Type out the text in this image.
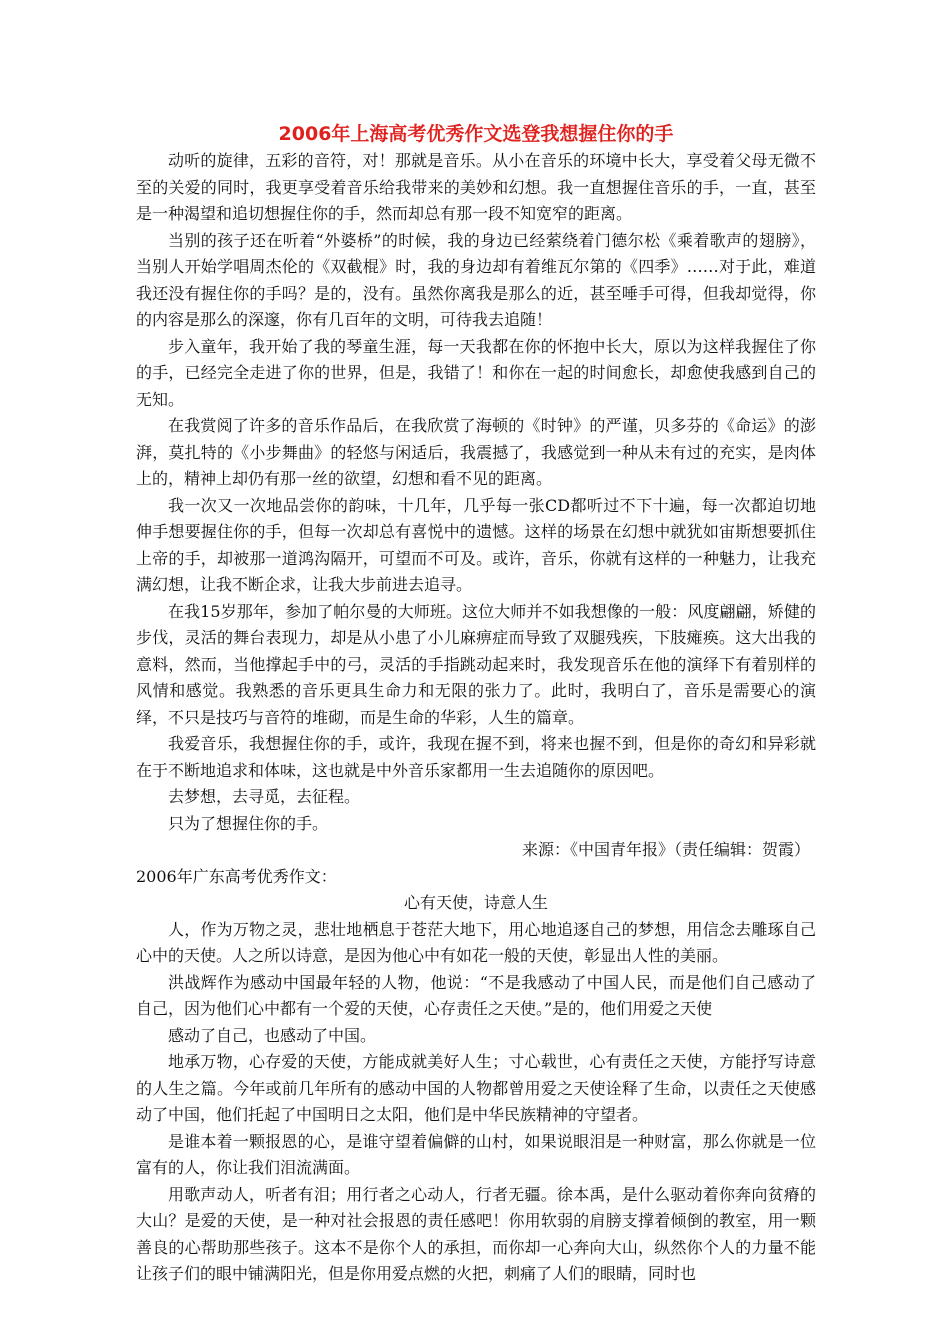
2006年上海高考优秀作文选登我想握住你的手

动听的旋律，五彩的音符，对！那就是音乐。从小在音乐的环境中长大，享受着父母无微不至的关爱的同时，我更享受着音乐给我带来的美妙和幻想。我一直想握住音乐的手，一直，甚至是一种渴望和追切想握住你的手，然而却总有那一段不知宽窄的距离。

当别的孩子还在听着“外婆桥”的时候，我的身边已经萦绕着门德尔松《乘着歌声的翅膀》，当别人开始学唱周杰伦的《双截棍》时，我的身边却有着维瓦尔第的《四季》……对于此，难道我还没有握住你的手吗？是的，没有。虽然你离我是那么的近，甚至唾手可得，但我却觉得，你的内容是那么的深邃，你有几百年的文明，可待我去追随！

步入童年，我开始了我的琴童生涯，每一天我都在你的怀抱中长大，原以为这样我握住了你的手，已经完全走进了你的世界，但是，我错了！和你在一起的时间愈长，却愈使我感到自己的无知。

在我赏阅了许多的音乐作品后，在我欣赏了海顿的《时钟》的严谨，贝多芬的《命运》的澎湃，莫扎特的《小步舞曲》的轻悠与闲适后，我震撼了，我感觉到一种从未有过的充实，是肉体上的，精神上却仍有那一丝的欲望，幻想和看不见的距离。

我一次又一次地品尝你的韵味，十几年，几乎每一张CD都听过不下十遍，每一次都迫切地伸手想要握住你的手，但每一次却总有喜悦中的遗憾。这样的场景在幻想中就犹如宙斯想要抓住上帝的手，却被那一道鸿沟隔开，可望而不可及。或许，音乐，你就有这样的一种魅力，让我充满幻想，让我不断企求，让我大步前进去追寻。

在我15岁那年，参加了帕尔曼的大师班。这位大师并不如我想像的一般：风度翩翩，矫健的步伐，灵活的舞台表现力，却是从小患了小儿麻痹症而导致了双腿残疾，下肢瘫痪。这大出我的意料，然而，当他撑起手中的弓，灵活的手指跳动起来时，我发现音乐在他的演绎下有着别样的风情和感觉。我熟悉的音乐更具生命力和无限的张力了。此时，我明白了，音乐是需要心的演绎，不只是技巧与音符的堆砌，而是生命的华彩，人生的篇章。

我爱音乐，我想握住你的手，或许，我现在握不到，将来也握不到，但是你的奇幻和异彩就在于不断地追求和体味，这也就是中外音乐家都用一生去追随你的原因吧。

去梦想，去寻觅，去征程。

只为了想握住你的手。

来源：《中国青年报》（责任编辑：贺霞）

2006年广东高考优秀作文：

心有天使，诗意人生

人，作为万物之灵，悲壮地栖息于苍茫大地下，用心地追逐自己的梦想，用信念去雕琢自己心中的天使。人之所以诗意，是因为他心中有如花一般的天使，彰显出人性的美丽。

洪战辉作为感动中国最年轻的人物，他说：“不是我感动了中国人民，而是他们自己感动了自己，因为他们心中都有一个爱的天使，心存责任之天使。”是的，他们用爱之天使

感动了自己，也感动了中国。

地承万物，心存爱的天使，方能成就美好人生；寸心载世，心有责任之天使，方能抒写诗意的人生之篇。今年或前几年所有的感动中国的人物都曾用爱之天使诠释了生命，以责任之天使感动了中国，他们托起了中国明日之太阳，他们是中华民族精神的守望者。

是谁本着一颗报恩的心，是谁守望着偏僻的山村，如果说眼泪是一种财富，那么你就是一位富有的人，你让我们泪流满面。

用歌声动人，听者有泪；用行者之心动人，行者无疆。徐本禹，是什么驱动着你奔向贫瘠的大山？是爱的天使，是一种对社会报恩的责任感吧！你用软弱的肩膀支撑着倾倒的教室，用一颗善良的心帮助那些孩子。这本不是你个人的承担，而你却一心奔向大山，纵然你个人的力量不能让孩子们的眼中铺满阳光，但是你用爱点燃的火把，刺痛了人们的眼睛，同时也
